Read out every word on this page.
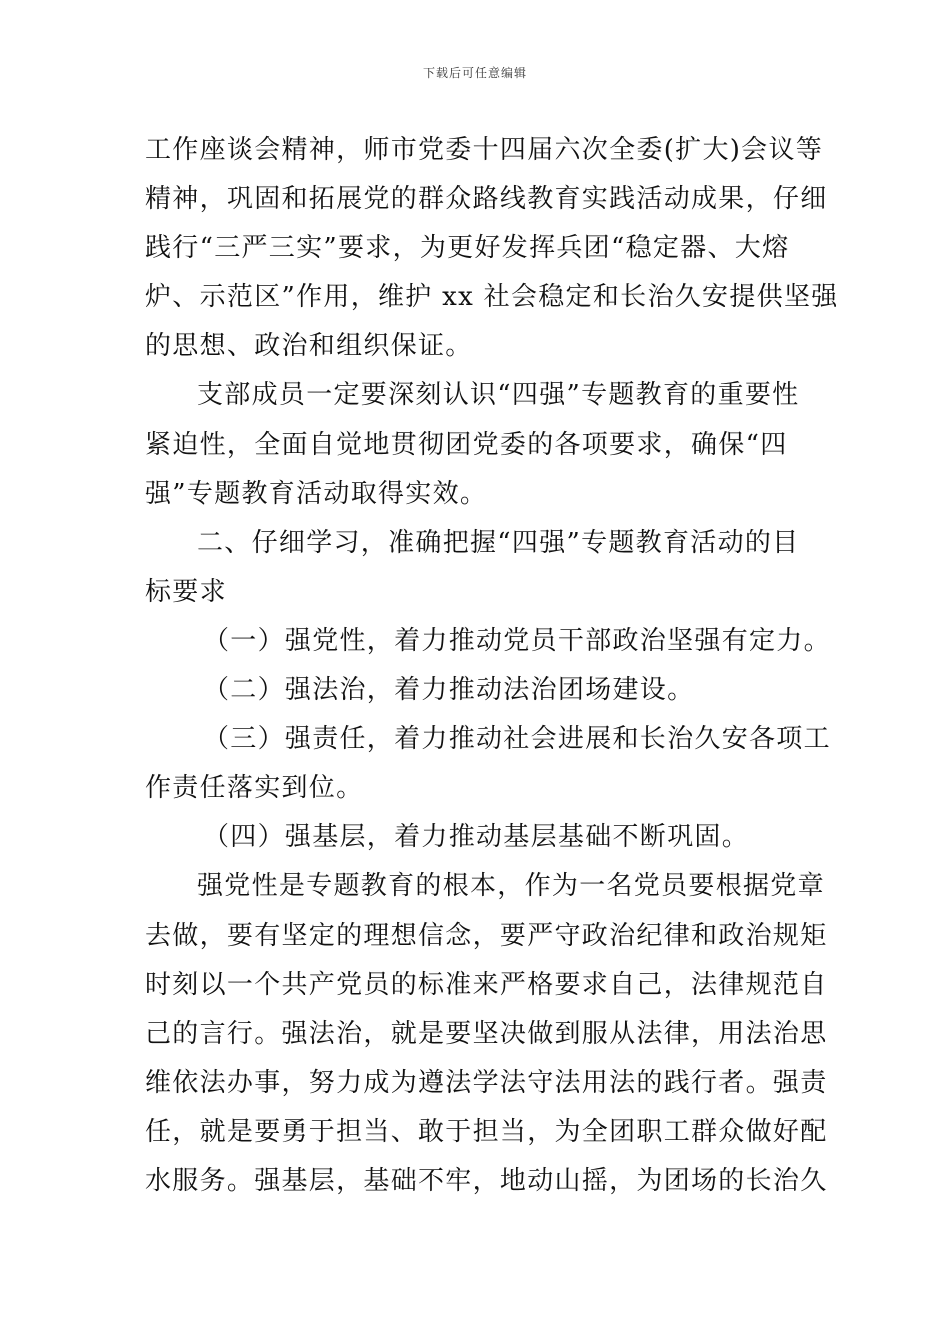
下载后可任意编辑
工作座谈会精神，师市党委十四届六次全委(扩大)会议等
精神，巩固和拓展党的群众路线教育实践活动成果，仔细
践行“三严三实”要求，为更好发挥兵团“稳定器、大熔
炉、示范区”作用，维护 xx 社会稳定和长治久安提供坚强
的思想、政治和组织保证。
支部成员一定要深刻认识“四强”专题教育的重要性
紧迫性，全面自觉地贯彻团党委的各项要求，确保“四
强”专题教育活动取得实效。
二、仔细学习，准确把握“四强”专题教育活动的目
标要求
（一）强党性，着力推动党员干部政治坚强有定力。
（二）强法治，着力推动法治团场建设。
（三）强责任，着力推动社会进展和长治久安各项工
作责任落实到位。
（四）强基层，着力推动基层基础不断巩固。
强党性是专题教育的根本，作为一名党员要根据党章
去做，要有坚定的理想信念，要严守政治纪律和政治规矩
时刻以一个共产党员的标准来严格要求自己，法律规范自
己的言行。强法治，就是要坚决做到服从法律，用法治思
维依法办事，努力成为遵法学法守法用法的践行者。强责
任，就是要勇于担当、敢于担当，为全团职工群众做好配
水服务。强基层，基础不牢，地动山摇，为团场的长治久
